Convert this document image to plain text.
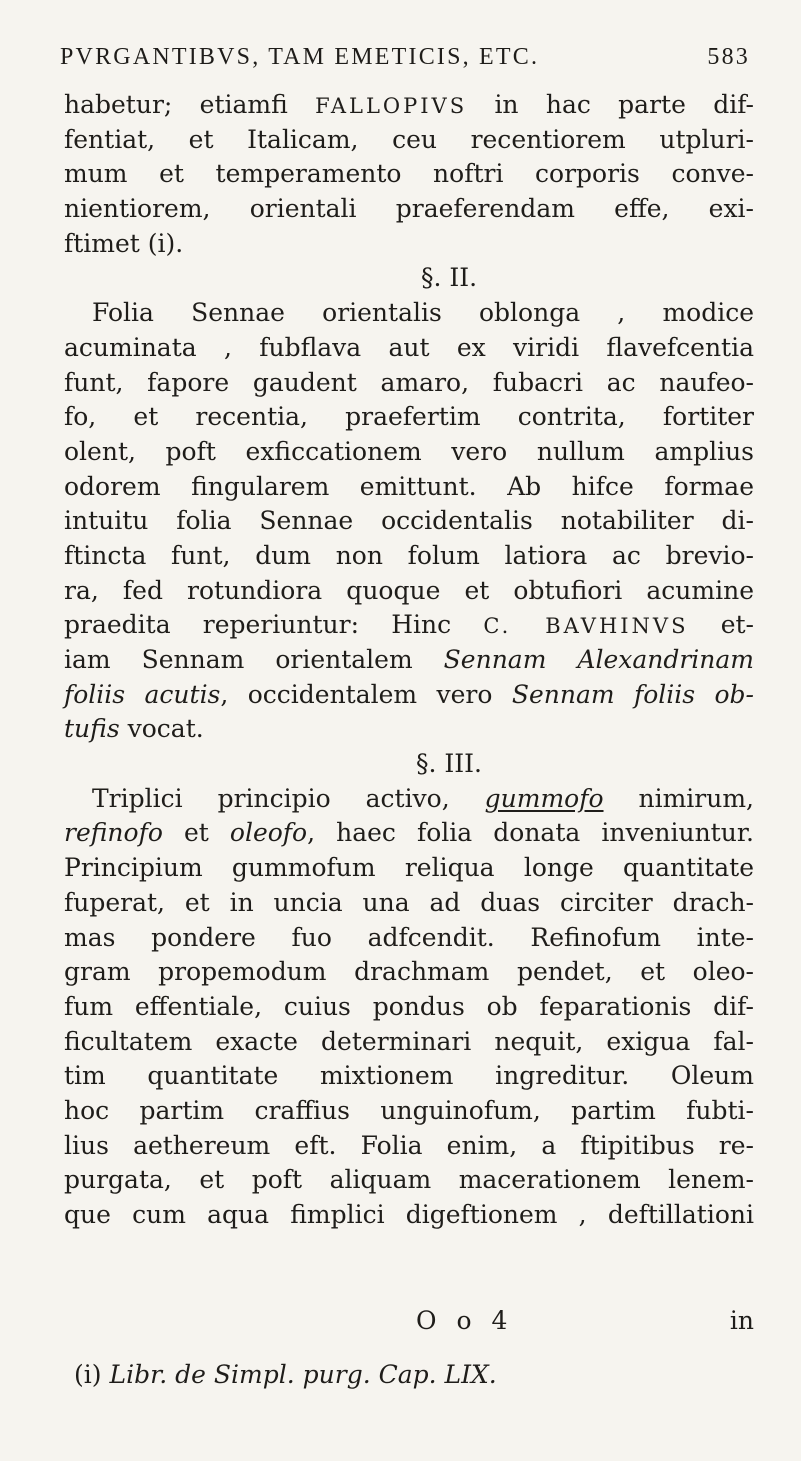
PVRGANTIBVS, TAM EMETICIS, ETC.	583
habetur; etiamfi FALLOPIVS in hac parte dif-
fentiat, et Italicam, ceu recentiorem utpluri-
mum et temperamento noftri corporis conve-
nientiorem, orientali praeferendam effe, exi-
ftimet (i).
§. II.
Folia Sennae orientalis oblonga , modice
acuminata , fubflava aut ex viridi flavefcentia
funt, fapore gaudent amaro, fubacri ac naufeo-
fo, et recentia, praefertim contrita, fortiter
olent, poft exficcationem vero nullum amplius
odorem fingularem emittunt. Ab hifce formae
intuitu folia Sennae occidentalis notabiliter di-
ftincta funt, dum non folum latiora ac brevio-
ra, fed rotundiora quoque et obtufiori acumine
praedita reperiuntur: Hinc C. BAVHINVS et-
iam Sennam orientalem Sennam Alexandrinam
foliis acutis, occidentalem vero Sennam foliis ob-
tufis vocat.
§. III.
Triplici principio activo, gummofo nimirum,
refinofo et oleofo, haec folia donata inveniuntur.
Principium gummofum reliqua longe quantitate
fuperat, et in uncia una ad duas circiter drach-
mas pondere fuo adfcendit. Refinofum inte-
gram propemodum drachmam pendet, et oleo-
fum effentiale, cuius pondus ob feparationis dif-
ficultatem exacte determinari nequit, exigua fal-
tim quantitate mixtionem ingreditur. Oleum
hoc partim craffius unguinofum, partim fubti-
lius aethereum eft. Folia enim, a ftipitibus re-
purgata, et poft aliquam macerationem lenem-
que cum aqua fimplici digeftionem , deftillationi
O o 4	in
(i) Libr. de Simpl. purg. Cap. LIX.
